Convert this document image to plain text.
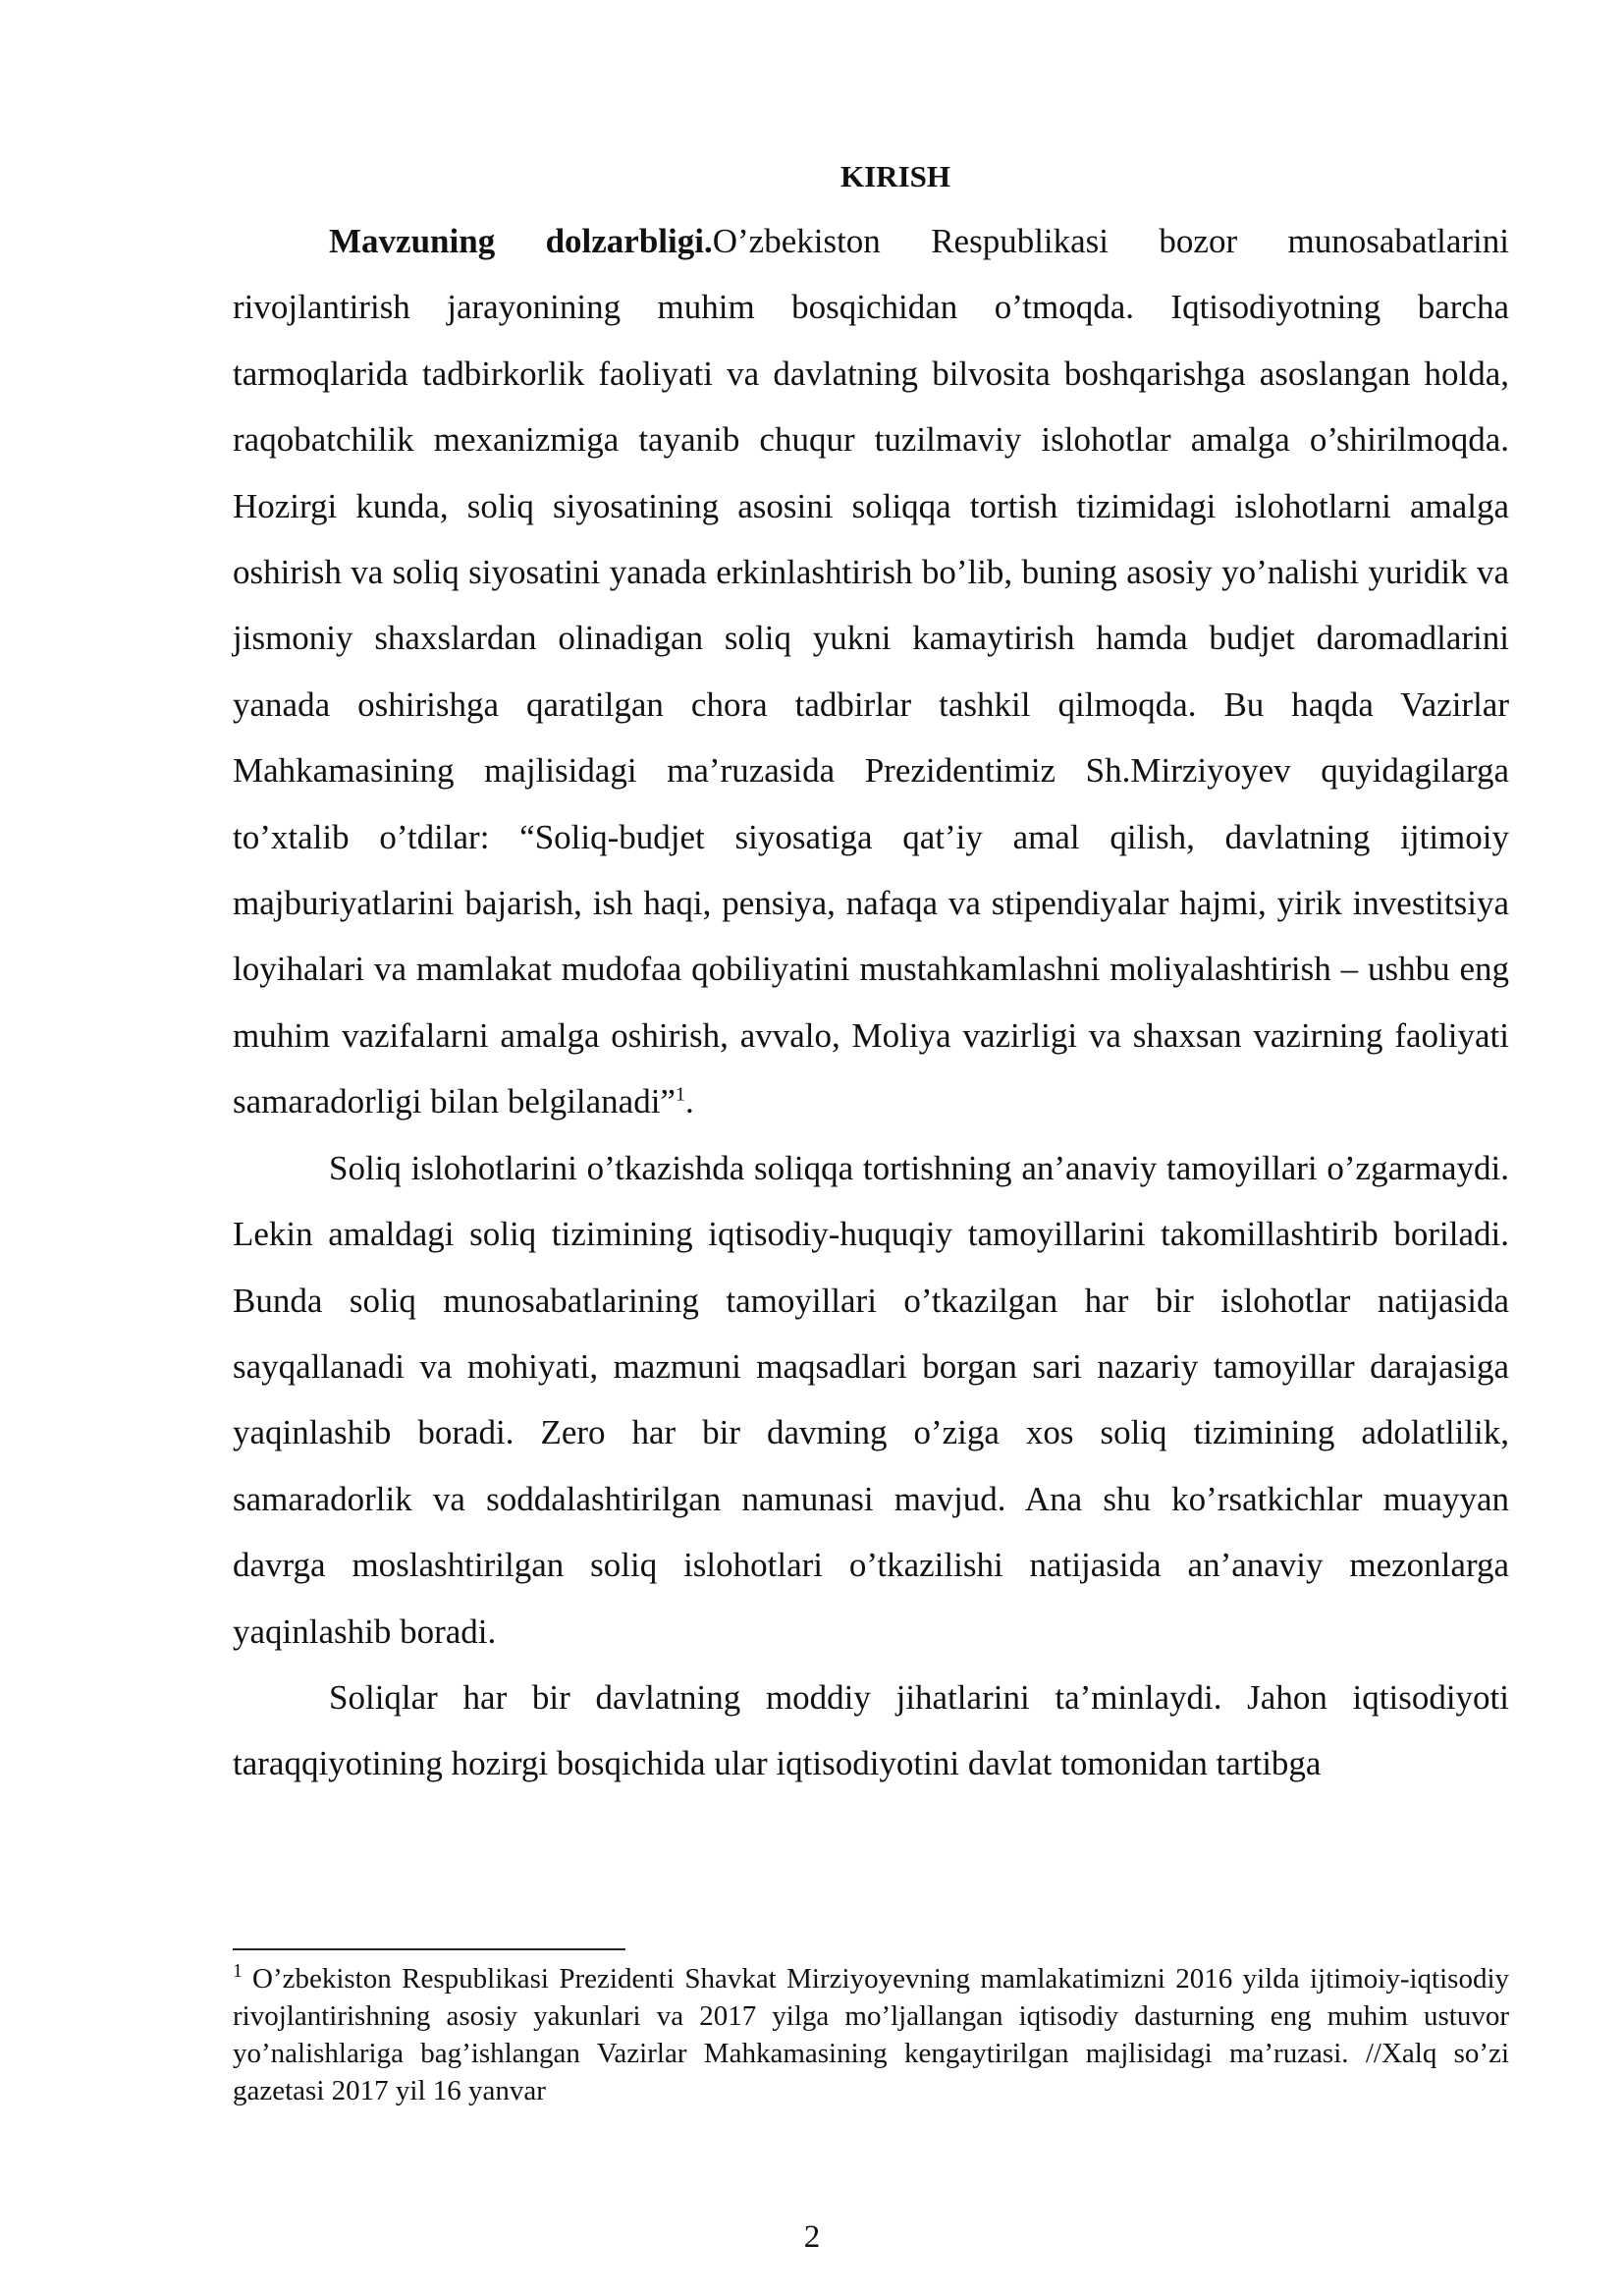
KIRISH

Mavzuning dolzarbligi.O’zbekiston Respublikasi bozor munosabatlarini rivojlantirish jarayonining muhim bosqichidan o’tmoqda. Iqtisodiyotning barcha tarmoqlarida tadbirkorlik faoliyati va davlatning bilvosita boshqarishga asoslangan holda, raqobatchilik mexanizmiga tayanib chuqur tuzilmaviy islohotlar amalga o’shirilmoqda. Hozirgi kunda, soliq siyosatining asosini soliqqa tortish tizimidagi islohotlarni amalga oshirish va soliq siyosatini yanada erkinlashtirish bo’lib, buning asosiy yo’nalishi yuridik va jismoniy shaxslardan olinadigan soliq yukni kamaytirish hamda budjet daromadlarini yanada oshirishga qaratilgan chora tadbirlar tashkil qilmoqda. Bu haqda Vazirlar Mahkamasining majlisidagi ma’ruzasida Prezidentimiz Sh.Mirziyoyev quyidagilarga to’xtalib o’tdilar: “Soliq-budjet siyosatiga qat’iy amal qilish, davlatning ijtimoiy majburiyatlarini bajarish, ish haqi, pensiya, nafaqa va stipendiyalar hajmi, yirik investitsiya loyihalari va mamlakat mudofaa qobiliyatini mustahkamlashni moliyalashtirish – ushbu eng muhim vazifalarni amalga oshirish, avvalo, Moliya vazirligi va shaxsan vazirning faoliyati samaradorligi bilan belgilanadi”$^1$.

Soliq islohotlarini o’tkazishda soliqqa tortishning an’anaviy tamoyillari o’zgarmaydi. Lekin amaldagi soliq tizimining iqtisodiy-huquqiy tamoyillarini takomillashtirib boriladi. Bunda soliq munosabatlarining tamoyillari o’tkazilgan har bir islohotlar natijasida sayqallanadi va mohiyati, mazmuni maqsadlari borgan sari nazariy tamoyillar darajasiga yaqinlashib boradi. Zero har bir davming o’ziga xos soliq tizimining adolatlilik, samaradorlik va soddalashtirilgan namunasi mavjud. Ana shu ko’rsatkichlar muayyan davrga moslashtirilgan soliq islohotlari o’tkazilishi natijasida an’anaviy mezonlarga yaqinlashib boradi.

Soliqlar har bir davlatning moddiy jihatlarini ta’minlaydi. Jahon iqtisodiyoti taraqqiyotining hozirgi bosqichida ular iqtisodiyotini davlat tomonidan tartibga

$^1$ O’zbekiston Respublikasi Prezidenti Shavkat Mirziyoyevning mamlakatimizni 2016 yilda ijtimoiy-iqtisodiy rivojlantirishning asosiy yakunlari va 2017 yilga mo’ljallangan iqtisodiy dasturning eng muhim ustuvor yo’nalishlariga bag’ishlangan Vazirlar Mahkamasining kengaytirilgan majlisidagi ma’ruzasi. //Xalq so’zi gazetasi 2017 yil 16 yanvar

2
